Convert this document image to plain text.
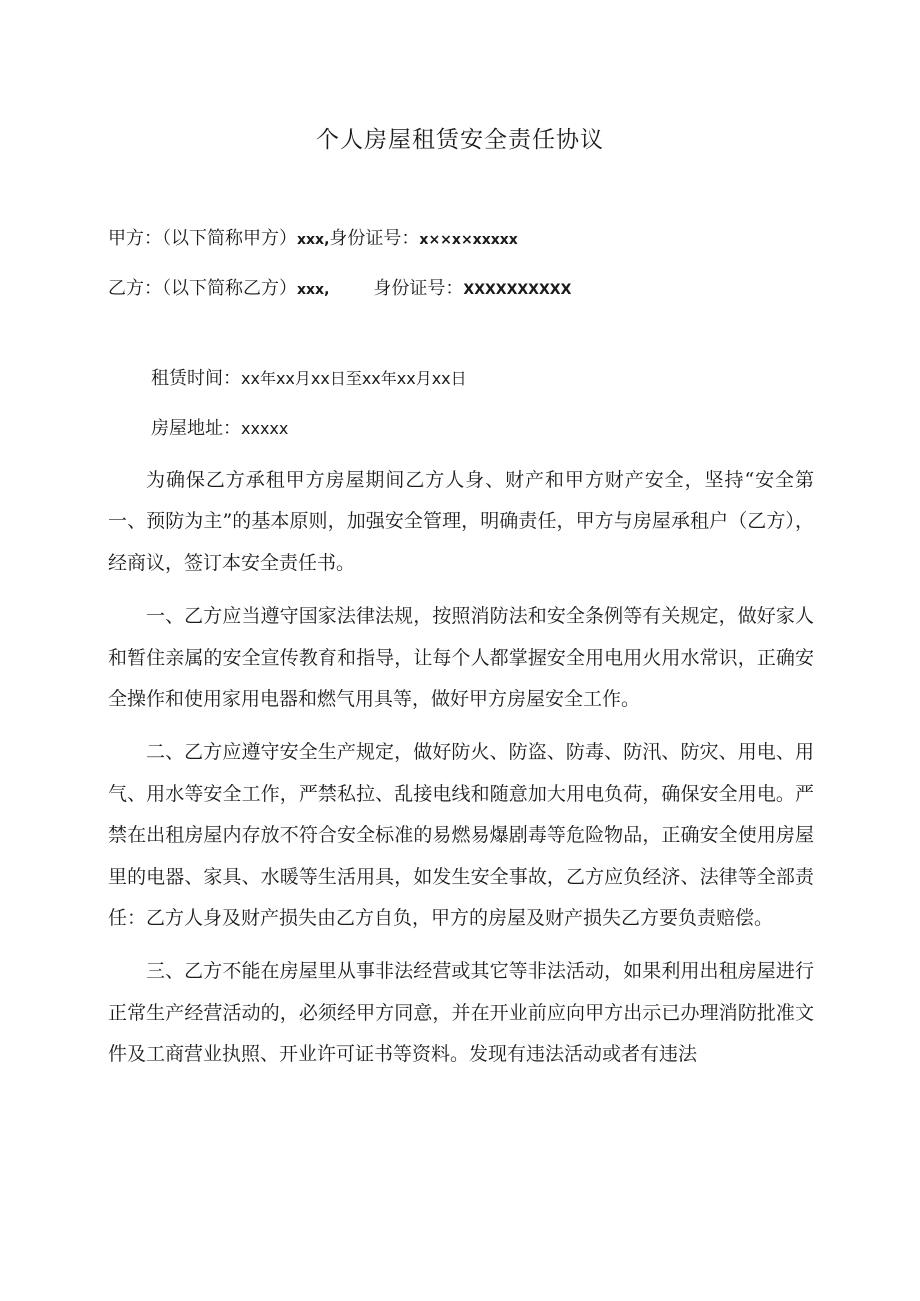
个人房屋租赁安全责任协议
甲方：（以下简称甲方）xxx,身份证号：x××x×xxxxx
乙方：（以下简称乙方）xxx, 身份证号：XXXXXXXXXX
租赁时间：xx年xx月xx日至xx年xx月xx日
房屋地址：xxxxx

为确保乙方承租甲方房屋期间乙方人身、财产和甲方财产安全，坚持“安全第一、预防为主”的基本原则，加强安全管理，明确责任，甲方与房屋承租户（乙方），经商议，签订本安全责任书。

一、乙方应当遵守国家法律法规，按照消防法和安全条例等有关规定，做好家人和暂住亲属的安全宣传教育和指导，让每个人都掌握安全用电用火用水常识，正确安全操作和使用家用电器和燃气用具等，做好甲方房屋安全工作。

二、乙方应遵守安全生产规定，做好防火、防盗、防毒、防汛、防灾、用电、用气、用水等安全工作，严禁私拉、乱接电线和随意加大用电负荷，确保安全用电。严禁在出租房屋内存放不符合安全标准的易燃易爆剧毒等危险物品，正确安全使用房屋里的电器、家具、水暖等生活用具，如发生安全事故，乙方应负经济、法律等全部责任：乙方人身及财产损失由乙方自负，甲方的房屋及财产损失乙方要负责赔偿。

三、乙方不能在房屋里从事非法经营或其它等非法活动，如果利用出租房屋进行正常生产经营活动的，必须经甲方同意，并在开业前应向甲方出示已办理消防批准文件及工商营业执照、开业许可证书等资料。发现有违法活动或者有违法
